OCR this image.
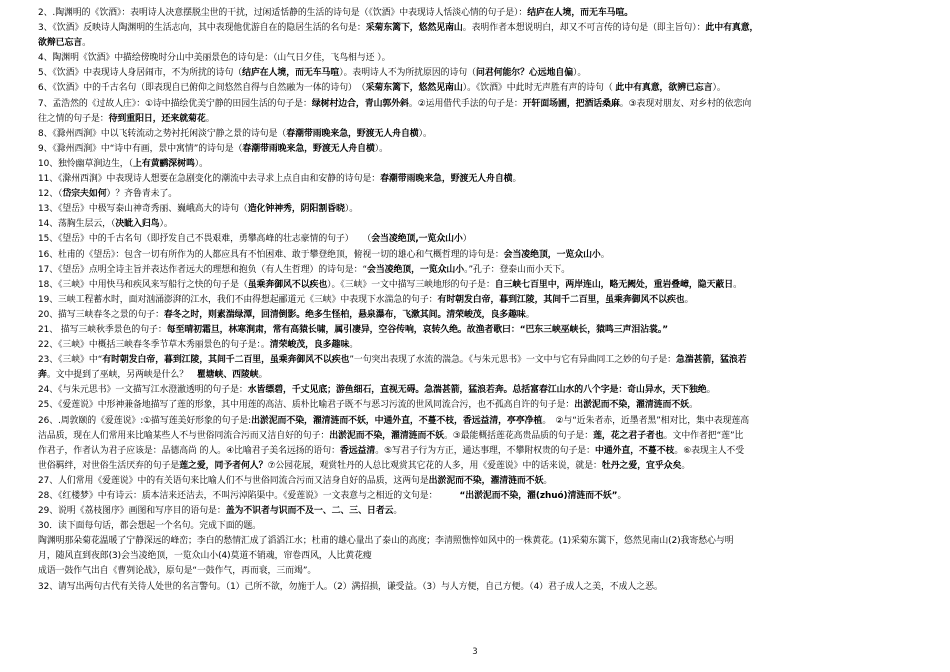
2、.陶渊明的《饮酒》：表明诗人决意摆脱尘世的干扰，过闲适恬静的生活的诗句是（《饮酒》中表现诗人恬淡心情的句子是）：结庐在人境，而无车马喧。
3、《饮酒》反映诗人陶渊明的生活志向，其中表现他优游自在的隐居生活的名句是：采菊东篱下，悠然见南山。表明作者本想说明白，却又不可言传的诗句是（即主旨句）：此中有真意，
欲辩已忘言。
4、陶渊明《饮酒》中描绘傍晚时分山中美丽景色的诗句是：（山气日夕佳，飞鸟相与还 ）。
5、《饮酒》中表现诗人身居闹市，不为所扰的诗句（结庐在人境，而无车马喧）。表明诗人不为所扰原因的诗句（问君何能尔？心远地自偏）。
6、《饮酒》中的千古名句（即表现自已俯仰之间悠然自得与自然融为一体的诗句）　（采菊东篱下，悠然见南山）。《饮酒》中此时无声胜有声的诗句（ 此中有真意，欲辨已忘言）。
7、孟浩然的《过故人庄》：①诗中描绘优美宁静的田园生活的句子是：绿树村边合，青山郭外斜。②运用借代手法的句子是：开轩面场圃，把酒话桑麻。③表现对朋友、对乡村的依恋向
往之情的句子是：待到重阳日，还来就菊花。
8、《滁州西涧》中以飞转流动之势衬托闲淡宁静之景的诗句是（春潮带雨晚来急，野渡无人舟自横）。
9、《滁州西涧》中“诗中有画，景中寓情”的诗句是（春潮带雨晚来急，野渡无人舟自横）。
10、独怜幽草涧边生，（上有黄鹂深树鸣）。
11、《滁州西涧》中表现诗人想要在急剧变化的潮流中去寻求上点自由和安静的诗句是：春潮带雨晚来急，野渡无人舟自横。
12、（岱宗夫如何）？齐鲁青未了。
13、《望岳》中极写泰山神奇秀丽、巍峨高大的诗句（造化钟神秀，阴阳割昏晓）。
14、荡胸生层云，（决眦入归鸟）。
15、《望岳》中的千古名句（即抒发自己不畏艰难，勇攀高峰的壮志豪情的句子）　　（会当凌绝顶,一览众山小）
16、杜甫的《望岳》：包含一切有所作为的人都应具有不怕困难、敢于攀登绝顶，俯视一切的雄心和气概哲理的诗句是：会当凌绝顶，一览众山小。
17、《望岳》点明全诗主旨并表达作者远大的理想和抱负（有人生哲理）的诗句是：“会当凌绝顶，一览众山小。”孔子：登泰山而小天下。
18、《三峡》中用快马和疾风来写船行之快的句子是（虽乘奔御风不以疾也）。《三峡》一文中描写三峡地形的句子是：自三峡七百里中，两岸连山，略无阙处，重岩叠嶂，隐天蔽日。
19、三峡工程蓄水时，面对汹涌澎湃的江水，我们不由得想起郦道元《三峡》中表现下水湍急的句子：有时朝发白帝，暮到江陵，其间千二百里，虽乘奔御风不以疾也。
20、描写三峡春冬之景的句子：春冬之时，则素湍绿潭，回清倒影。绝多生怪柏，悬泉瀑布，飞漱其间。清荣峻茂，良多趣味。
21、 描写三峡秋季景色的句子：每至晴初霜旦，林寒涧肃，常有高猿长啸，属引凄异，空谷传响，哀转久绝。故渔者歌曰：“巴东三峡巫峡长，猿鸣三声泪沾裳。”
22、《三峡》中概括三峡春冬季节草木秀丽景色的句子是：。清荣峻茂，良多趣味。
23、《三峡》中“有时朝发白帝，暮到江陵，其间千二百里，虽乘奔御风不以疾也”一句突出表现了水流的湍急。《与朱元思书》一文中与它有异曲同工之妙的句子是：急湍甚箭，猛浪若
奔。文中提到了巫峡，另两峡是什么？　瞿塘峡、西陵峡。
24、《与朱元思书》一文描写江水澄澈透明的句子是：水皆缥碧，千丈见底；游鱼细石，直视无碍。急湍甚箭，猛浪若奔。总括富春江山水的八个字是：奇山异水，天下独绝。
25、《爱莲说》中形神兼备地描写了莲的形象，其中用莲的高洁、质朴比喻君子既不与恶习污流的世风同流合污，也不孤高自许的句子是：出淤泥而不染，濯清涟而不妖。
26、.周敦颐的《爱莲说》:①描写莲美好形象的句子是:出淤泥而不染，濯清涟而不妖，中通外直，不蔓不枝，香远益清，亭亭净植。　②与“近朱者赤，近墨者黑”相对比，集中表现莲高
洁品质，现在人们常用来比喻某些人不与世俗同流合污而又洁自好的句子：出淤泥而不染，濯清涟而不妖。③最能概括莲花高贵品质的句子是：莲，花之君子者也。文中作者把“莲”比
作君子，作者认为君子应该是：品德高尚 的人。④比喻君子美名远扬的语句：香远益清。⑤写君子行为方正，通达事理，不攀附权贵的句子是：中通外直，不蔓不枝。⑥表现主人不受
世俗羁绊，对世俗生活厌弃的句子是莲之爱，同予者何人？⑦公园花展，观赏牡丹的人总比观赏其它花的人多，用《爱莲说》中的话来说，就是：牡丹之爱，宜乎众矣。
27、人们常用《爱莲说》中的有关语句来比喻人们不与世俗同流合污而又洁身自好的品质，这两句是出淤泥而不染，濯清涟而不妖。
28、《红楼梦》中有诗云：质本洁来还洁去，不叫污淖陷渠中。《爱莲说》一文表意与之相近的文句是：　　　“出淤泥而不染，濯(zhuó)清涟而不妖”。
29、说明《荔枝图序》画图和写序目的语句是：盖为不识者与识而不及一、二、三、日者云。
30．读下面每句话，都会想起一个名句。完成下面的题。
陶渊明那朵菊花温暖了宁静深远的峰峦；李白的愁情汇成了滔滔江水；杜甫的雄心量出了泰山的高度；李清照憔悴如风中的一株黄花。(1)采菊东篱下，悠然见南山(2)我寄愁心与明
月，随风直到夜郎(3)会当凌绝顶，一览众山小(4)莫道不销魂，帘卷西风，人比黄花瘦
成语一鼓作气出自《曹刿论战》，原句是“一鼓作气，再而衰，三而竭”。
32、请写出两句古代有关待人处世的名言警句。（1）己所不欲，勿施于人。（2）满招损，谦受益。（3）与人方便，自己方便。（4）君子成人之美，不成人之恶。
3
